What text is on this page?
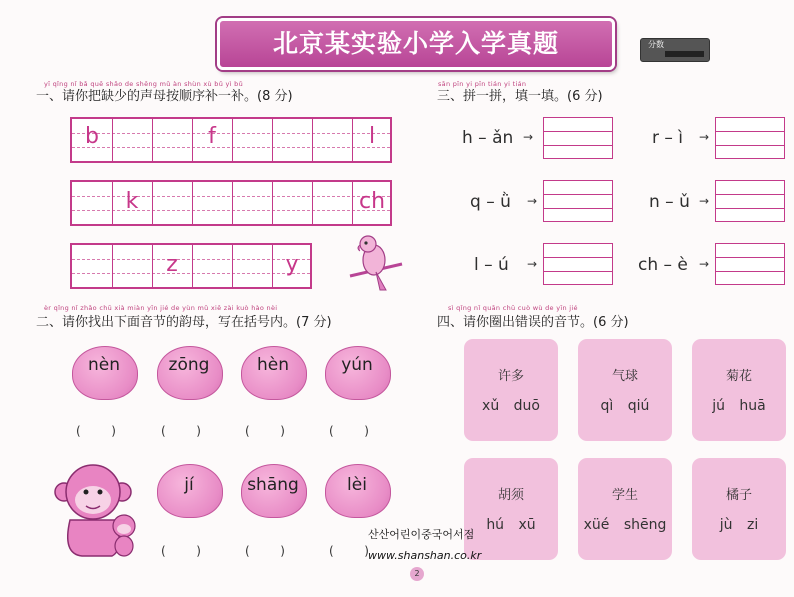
北京某实验小学入学真题	分数
yī qǐng nǐ bǎ quē shǎo de shēng mǔ àn shùn xù bǔ yì bǔ
一、请你把缺少的声母按顺序补一补。(8 分)
b	f	l
k	ch
z	y
èr qǐng nǐ zhǎo chū xià miàn yīn jié de yùn mǔ xiě zài kuò hào nèi
二、请你找出下面音节的韵母，写在括号内。(7 分)
nèn	zōng	hèn	yún
(        )	(        )	(        )	(        )
jí	shāng	lèi
(        )	(        )	(        )
sān pīn yi pīn tián yi tián
三、拼一拼，填一填。(6 分)
h – ǎn →	r – ì →
q – ǜ →	n – ǔ →
l – ú →	ch – è →
sì qǐng nǐ quān chū cuò wù de yīn jié
四、请你圈出错误的音节。(6 分)
许多
xǔ duō
气球
qì qiú
菊花
jú huā
胡须
hú xū
学生
xüé shēng
橘子
jù zi
산산어린이중국어서점
www.shanshan.co.kr
2
